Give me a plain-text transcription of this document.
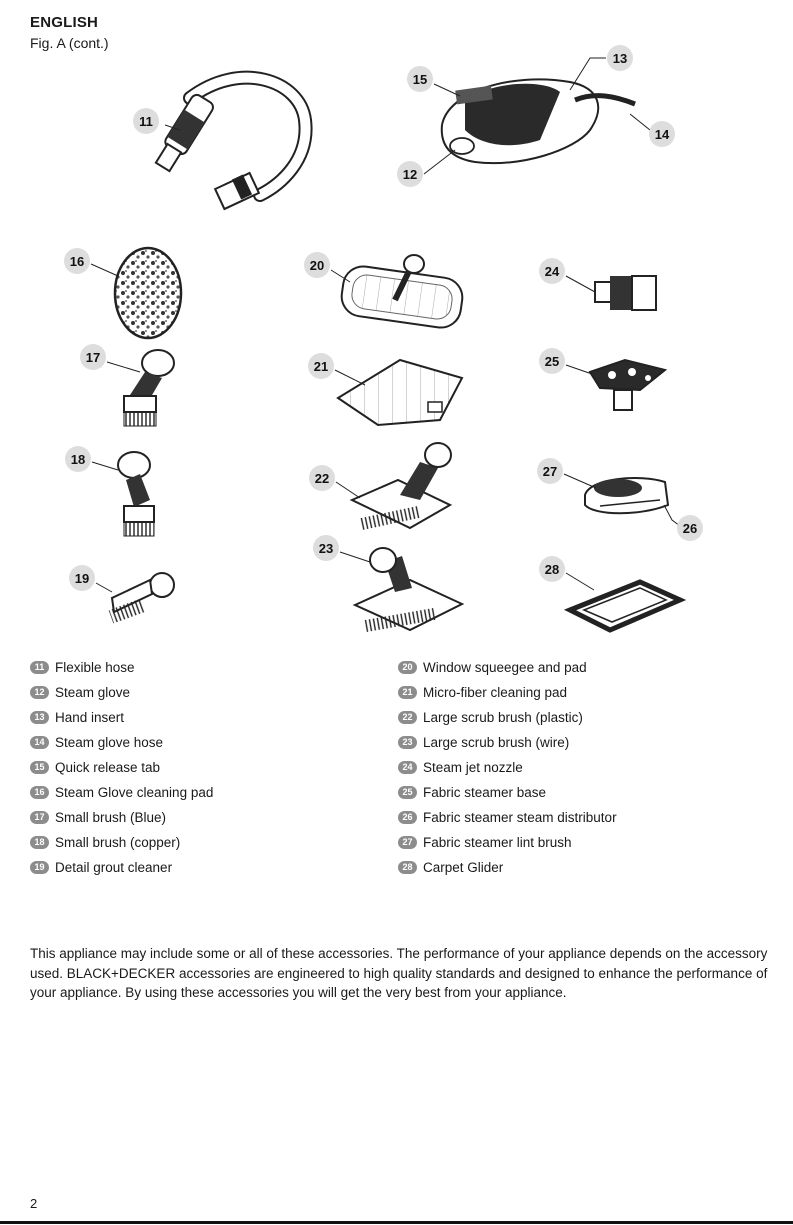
ENGLISH
Fig. A (cont.)
11
12
13
14
15
16
17
18
19
20
21
22
23
24
25
26
27
28
11 Flexible hose
12 Steam glove
13 Hand insert
14 Steam glove hose
15 Quick release tab
16 Steam Glove cleaning pad
17 Small brush (Blue)
18 Small brush (copper)
19 Detail grout cleaner
20 Window squeegee and pad
21 Micro-fiber cleaning pad
22 Large scrub brush (plastic)
23 Large scrub brush (wire)
24 Steam jet nozzle
25 Fabric steamer base
26 Fabric steamer steam distributor
27 Fabric steamer lint brush
28 Carpet Glider

This appliance may include some or all of these accessories. The performance of your appliance depends on the accessory used. BLACK+DECKER accessories are engineered to high quality standards and designed to enhance the performance of your appliance. By using these accessories you will get the very best from your appliance.

2
